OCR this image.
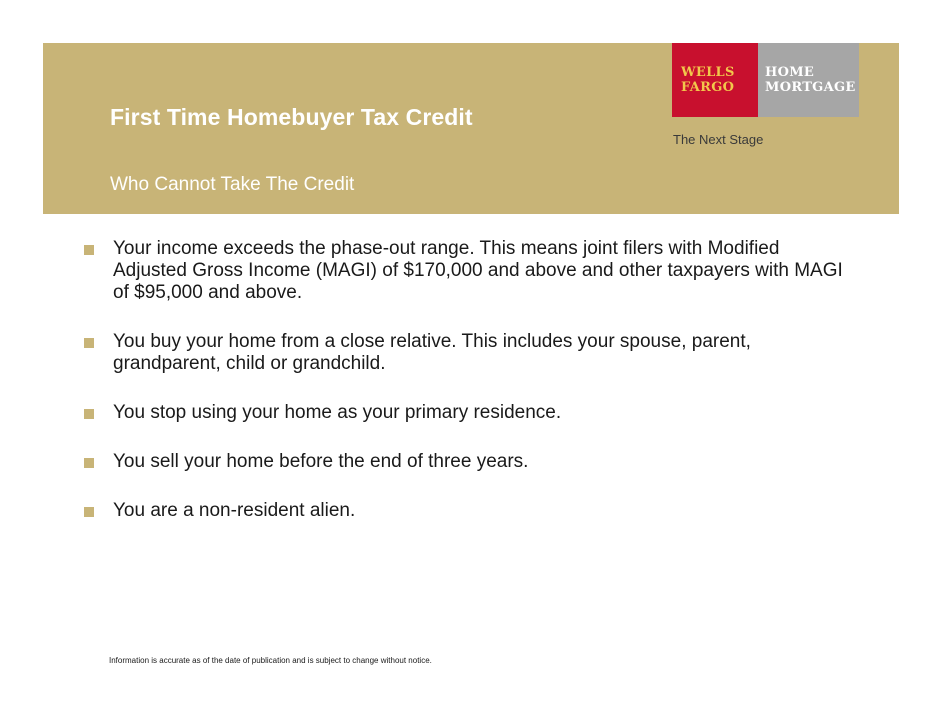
First Time Homebuyer Tax Credit
Who Cannot Take The Credit
WELLS
FARGO
HOME
MORTGAGE
The Next Stage
Your income exceeds the phase-out range. This means joint filers with Modified Adjusted Gross Income (MAGI) of $170,000 and above and other taxpayers with MAGI of $95,000 and above.
You buy your home from a close relative. This includes your spouse, parent, grandparent, child or grandchild.
You stop using your home as your primary residence.
You sell your home before the end of three years.
You are a non-resident alien.
Information is accurate as of the date of publication and is subject to change without notice.
